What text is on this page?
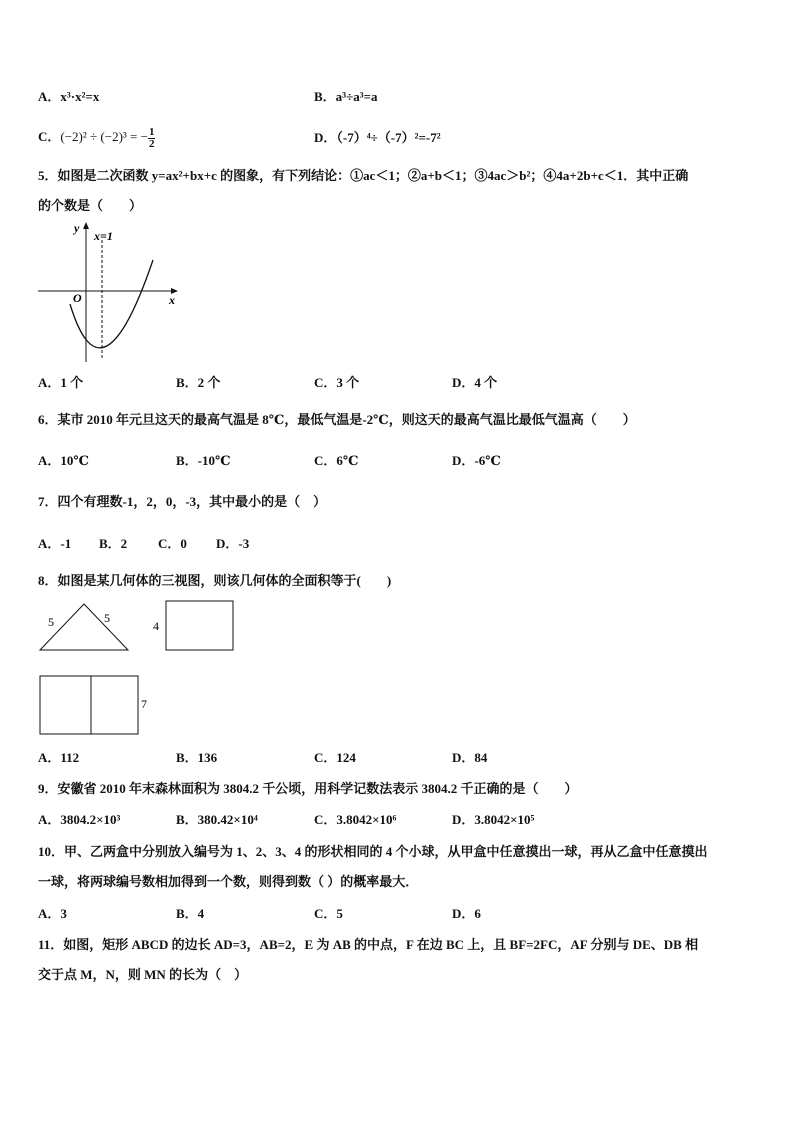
A．x³·x²=x	B．a³÷a³=a
C．(−2)² ÷ (−2)³ = − $\frac{1}{2}$	D．（-7）⁴÷（-7）²=-7²
5．如图是二次函数 y=ax²+bx+c 的图象，有下列结论：①ac＜1；②a+b＜1；③4ac＞b²；④4a+2b+c＜1．其中正确
的个数是（　　）
y
x
O
x=1
A．1 个	B．2 个	C．3 个	D．4 个
6．某市 2010 年元旦这天的最高气温是 8℃，最低气温是-2℃，则这天的最高气温比最低气温高（　　）
A．10℃	B．-10℃	C．6℃	D．-6℃
7．四个有理数-1，2，0，-3，其中最小的是（　）
A．-1 B．2 C．0 D．-3
8．如图是某几何体的三视图，则该几何体的全面积等于(　　)
5	5
4
7
A．112	B．136	C．124	D．84
9．安徽省 2010 年末森林面积为 3804.2 千公顷，用科学记数法表示 3804.2 千正确的是（　　）
A．3804.2×10³	B．380.42×10⁴	C．3.8042×10⁶	D．3.8042×10⁵
10．甲、乙两盒中分别放入编号为 1、2、3、4 的形状相同的 4 个小球，从甲盒中任意摸出一球，再从乙盒中任意摸出
一球，将两球编号数相加得到一个数，则得到数（ ）的概率最大．
A．3	B．4	C．5	D．6
11．如图，矩形 ABCD 的边长 AD=3，AB=2，E 为 AB 的中点，F 在边 BC 上，且 BF=2FC，AF 分别与 DE、DB 相
交于点 M，N，则 MN 的长为（　）
